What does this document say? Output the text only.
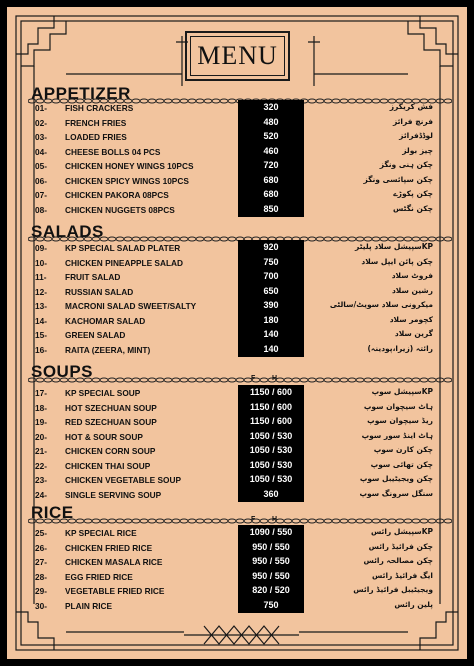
MENU
APPETIZER
01- FISH CRACKERS	320	فش کریکرز
02- FRENCH FRIES	480	فرنچ فرائز
03- LOADED FRIES	520	لوڈڈفرائز
04- CHEESE BOLLS 04 PCS	460	چیز بولز
05- CHICKEN HONEY WINGS 10PCS	720	چکن ہنی ونگز
06- CHICKEN SPICY WINGS 10PCS	680	چکن سپائسی ونگز
07- CHICKEN PAKORA 08PCS	680	چکن پکوڑے
08- CHICKEN NUGGETS 08PCS	850	چکن نگٹس
SALADS
09- KP SPECIAL SALAD PLATER	920	KPسپیشل سلاد پلیٹر
10- CHICKEN PINEAPPLE SALAD	750	چکن پائن ایپل سلاد
11- FRUIT SALAD	700	فروٹ سلاد
12- RUSSIAN SALAD	650	رشین سلاد
13- MACRONI SALAD SWEET/SALTY	390	میکرونی سلاد سویٹ/سالٹی
14- KACHOMAR SALAD	180	کچومر سلاد
15- GREEN SALAD	140	گرین سلاد
16- RAITA (ZEERA, MINT)	140	رائتہ (زیرا،پودینہ)
SOUPS	F H
17- KP SPECIAL SOUP	1150 / 600	KPسپیشل سوپ
18- HOT SZECHUAN SOUP	1150 / 600	ہاٹ سیچوان سوپ
19- RED SZECHUAN SOUP	1150 / 600	ریڈ سیچوان سوپ
20- HOT & SOUR SOUP	1050 / 530	ہاٹ اینڈ سور سوپ
21- CHICKEN CORN SOUP	1050 / 530	چکن کارن سوپ
22- CHICKEN THAI SOUP	1050 / 530	چکن تھائی سوپ
23- CHICKEN VEGETABLE SOUP	1050 / 530	چکن ویجیٹیبل سوپ
24- SINGLE SERVING SOUP	360	سنگل سرونگ سوپ
RICE	F H
25- KP SPECIAL RICE	1090 / 550	KPسپیشل رائس
26- CHICKEN FRIED RICE	950 / 550	چکن فرائیڈ رائس
27- CHICKEN MASALA RICE	950 / 550	چکن مصالحہ رائس
28- EGG FRIED RICE	950 / 550	ایگ فرائیڈ رائس
29- VEGETABLE FRIED RICE	820 / 520	ویجیٹیبل فرائیڈ رائس
30- PLAIN RICE	750	پلین رائس
